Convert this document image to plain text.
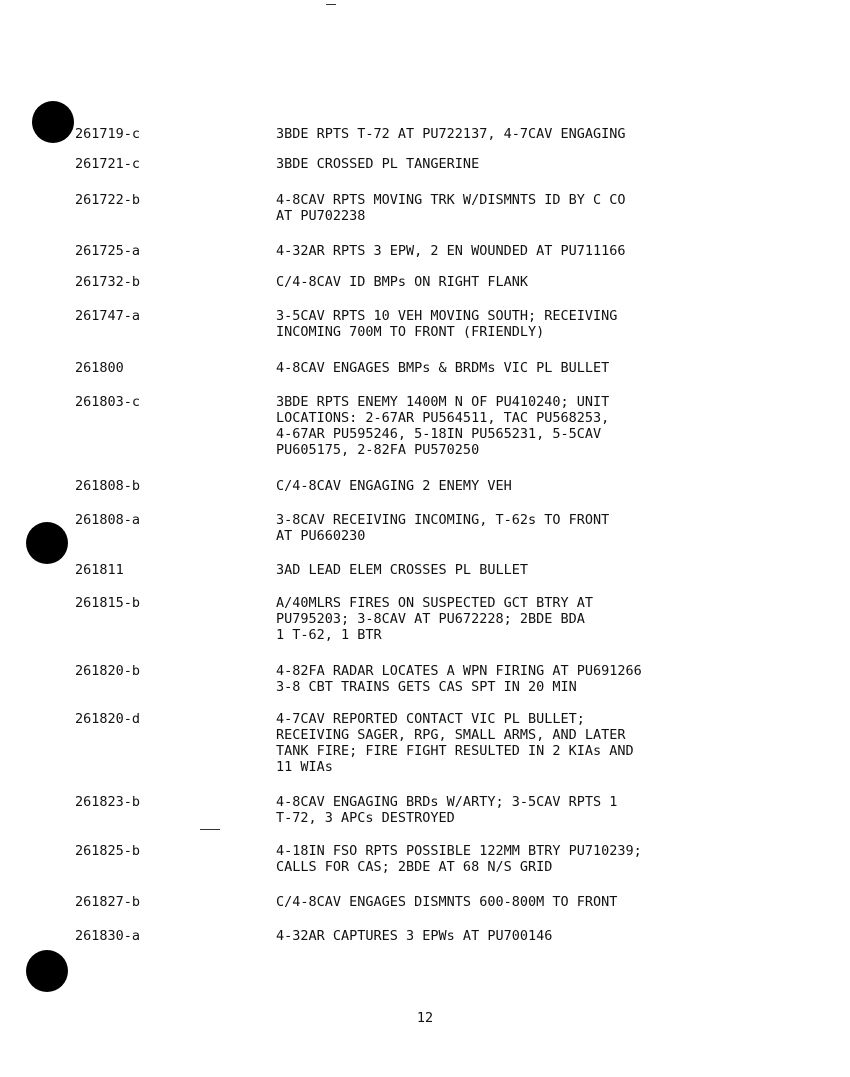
261719-c	3BDE RPTS T-72 AT PU722137, 4-7CAV ENGAGING
261721-c	3BDE CROSSED PL TANGERINE
261722-b	4-8CAV RPTS MOVING TRK W/DISMNTS ID BY C CO
AT PU702238
261725-a	4-32AR RPTS 3 EPW, 2 EN WOUNDED AT PU711166
261732-b	C/4-8CAV ID BMPs ON RIGHT FLANK
261747-a	3-5CAV RPTS 10 VEH MOVING SOUTH; RECEIVING
INCOMING 700M TO FRONT (FRIENDLY)
261800	4-8CAV ENGAGES BMPs & BRDMs VIC PL BULLET
261803-c	3BDE RPTS ENEMY 1400M N OF PU410240; UNIT
LOCATIONS: 2-67AR PU564511, TAC PU568253,
4-67AR PU595246, 5-18IN PU565231, 5-5CAV
PU605175, 2-82FA PU570250
261808-b	C/4-8CAV ENGAGING 2 ENEMY VEH
261808-a	3-8CAV RECEIVING INCOMING, T-62s TO FRONT
AT PU660230
261811	3AD LEAD ELEM CROSSES PL BULLET
261815-b	A/40MLRS FIRES ON SUSPECTED GCT BTRY AT
PU795203; 3-8CAV AT PU672228; 2BDE BDA
1 T-62, 1 BTR
261820-b	4-82FA RADAR LOCATES A WPN FIRING AT PU691266
3-8 CBT TRAINS GETS CAS SPT IN 20 MIN
261820-d	4-7CAV REPORTED CONTACT VIC PL BULLET;
RECEIVING SAGER, RPG, SMALL ARMS, AND LATER
TANK FIRE; FIRE FIGHT RESULTED IN 2 KIAs AND
11 WIAs
261823-b	4-8CAV ENGAGING BRDs W/ARTY; 3-5CAV RPTS 1
T-72, 3 APCs DESTROYED
261825-b	4-18IN FSO RPTS POSSIBLE 122MM BTRY PU710239;
CALLS FOR CAS; 2BDE AT 68 N/S GRID
261827-b	C/4-8CAV ENGAGES DISMNTS 600-800M TO FRONT
261830-a	4-32AR CAPTURES 3 EPWs AT PU700146
12
